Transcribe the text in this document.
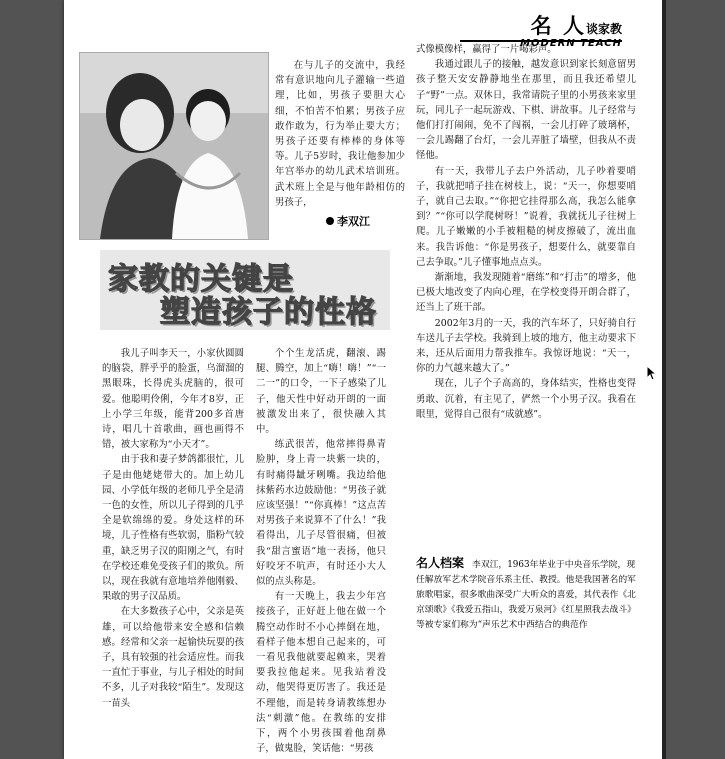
名 人谈家教
MODERN TEACH
李双江
家教的关键是
塑造孩子的性格

在与儿子的交流中，我经常有意识地向儿子灌输一些道理，比如，男孩子要胆大心细，不怕苦不怕累；男孩子应敢作敢为，行为举止要大方；男孩子还要有棒棒的身体等等。儿子5岁时，我让他参加少年宫举办的幼儿武术培训班。武术班上全是与他年龄相仿的男孩子，

我儿子叫李天一，小家伙圆圆的脑袋，胖乎乎的脸蛋，乌溜溜的黑眼珠，长得虎头虎脑的，很可爱。他聪明伶俐，今年才8岁，正上小学三年级，能背200多首唐诗，唱几十首歌曲，画也画得不错，被大家称为“小天才”。

由于我和妻子梦鸽都很忙，儿子是由他姥姥带大的。加上幼儿园、小学低年级的老师几乎全是清一色的女性，所以儿子得到的几乎全是软绵绵的爱。身处这样的环境，儿子性格有些软弱，脂粉气较重，缺乏男子汉的阳刚之气，有时在学校还难免受孩子们的欺负。所以，现在我就有意地培养他刚毅、果敢的男子汉品质。

在大多数孩子心中，父亲是英雄，可以给他带来安全感和信赖感。经常和父亲一起愉快玩耍的孩子，具有较强的社会适应性。而我一直忙于事业，与儿子相处的时间不多，儿子对我较“陌生”。发现这一苗头

个个生龙活虎，翻滚、踢腿、腾空，加上“嗨！嗨！”“一二一”的口令，一下子感染了儿子，他天性中好动开朗的一面被激发出来了，很快融入其中。

练武很苦，他常摔得鼻青脸肿，身上青一块紫一块的，有时痛得龇牙咧嘴。我边给他抹紫药水边鼓励他：“男孩子就应该坚强！”“你真棒！”这点苦对男孩子来说算不了什么！”我看得出，儿子尽管很痛，但被我“甜言蜜语”地一表扬，他只好咬牙不吭声，有时还小大人似的点头称是。

有一天晚上，我去少年宫接孩子，正好赶上他在做一个腾空动作时不小心摔倒在地，看样子他本想自己起来的，可一看见我他就要起赖来，哭着要我拉他起来。见我站着没动，他哭得更厉害了。我还是不理他，而是转身请教练想办法“刺激”他。在教练的安排下，两个小男孩围着他刮鼻子，做鬼脸，笑话他：“男孩

式像模像样，赢得了一片喝彩声。

我通过跟儿子的接触，越发意识到家长刻意留男孩子整天安安静静地坐在那里，而且我还希望儿子“野”一点。双休日，我常请院子里的小男孩来家里玩，同儿子一起玩游戏、下棋、讲故事。儿子经常与他们打打闹闹，免不了闯祸，一会儿打碎了玻璃杯，一会儿踢翻了台灯，一会儿弄脏了墙壁，但我从不责怪他。

有一天，我带儿子去户外活动，儿子吵着要哨子，我就把哨子挂在树枝上，说：“天一，你想要哨子，就自己去取。”“你把它挂得那么高，我怎么能拿到？”“你可以学爬树呀！”说着，我就抚儿子往树上爬。儿子嫩嫩的小手被粗糙的树皮擦破了，流出血来。我告诉他：“你是男孩子，想要什么，就要靠自己去争取。”儿子懂事地点点头。

渐渐地，我发现随着“磨练”和“打击”的增多，他已极大地改变了内向心理，在学校变得开朗合群了，还当上了班干部。

2002年3月的一天，我的汽车坏了，只好骑自行车送儿子去学校。我骑到上坡的地方，他主动要求下来，还从后面用力帮我推车。我惊讶地说：“天一，你的力气越来越大了。”

现在，儿子个子高高的，身体结实，性格也变得勇敢、沉着，有主见了，俨然一个小男子汉。我看在眼里，觉得自己很有“成就感”。

名人档案 李双江，1963年毕业于中央音乐学院，现任解放军艺术学院音乐系主任、教授。他是我国著名的军旅歌唱家，很多歌曲深受广大听众的喜爱，其代表作《北京颂歌》《我爱五指山，我爱万泉河》《红星照我去战斗》等被专家们称为“声乐艺术中西结合的典范作
